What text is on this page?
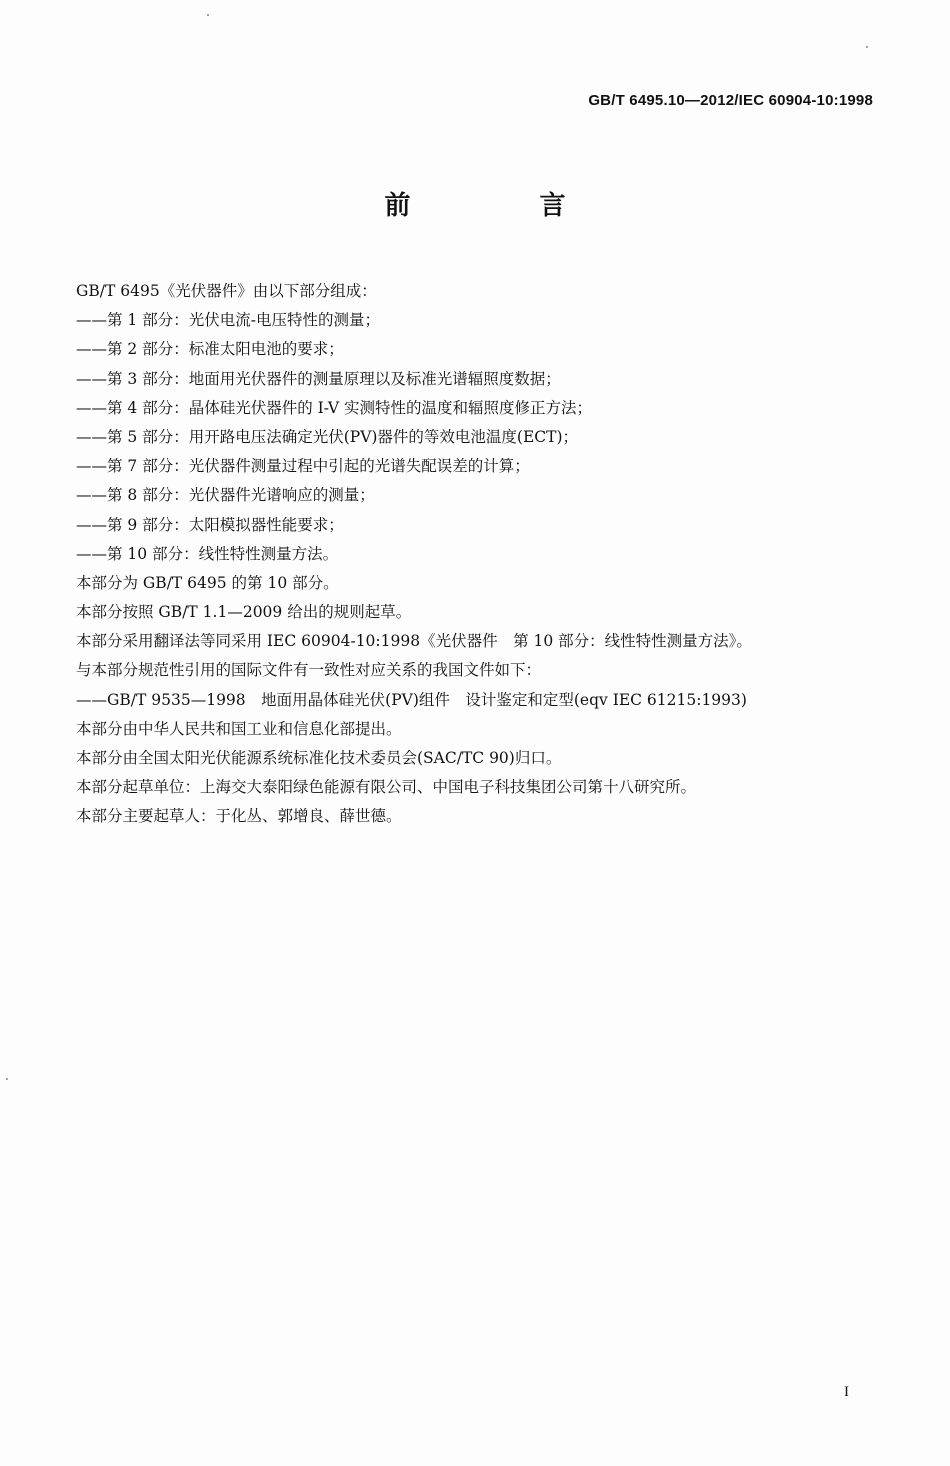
GB/T 6495.10—2012/IEC 60904-10:1998
前 言
GB/T 6495《光伏器件》由以下部分组成：
——第 1 部分：光伏电流-电压特性的测量；
——第 2 部分：标准太阳电池的要求；
——第 3 部分：地面用光伏器件的测量原理以及标准光谱辐照度数据；
——第 4 部分：晶体硅光伏器件的 I-V 实测特性的温度和辐照度修正方法；
——第 5 部分：用开路电压法确定光伏(PV)器件的等效电池温度(ECT)；
——第 7 部分：光伏器件测量过程中引起的光谱失配误差的计算；
——第 8 部分：光伏器件光谱响应的测量；
——第 9 部分：太阳模拟器性能要求；
——第 10 部分：线性特性测量方法。
本部分为 GB/T 6495 的第 10 部分。
本部分按照 GB/T 1.1—2009 给出的规则起草。
本部分采用翻译法等同采用 IEC 60904-10:1998《光伏器件　第 10 部分：线性特性测量方法》。
与本部分规范性引用的国际文件有一致性对应关系的我国文件如下：
——GB/T 9535—1998　地面用晶体硅光伏(PV)组件　设计鉴定和定型(eqv IEC 61215:1993)
本部分由中华人民共和国工业和信息化部提出。
本部分由全国太阳光伏能源系统标准化技术委员会(SAC/TC 90)归口。
本部分起草单位：上海交大泰阳绿色能源有限公司、中国电子科技集团公司第十八研究所。
本部分主要起草人：于化丛、郭增良、薛世德。
I
